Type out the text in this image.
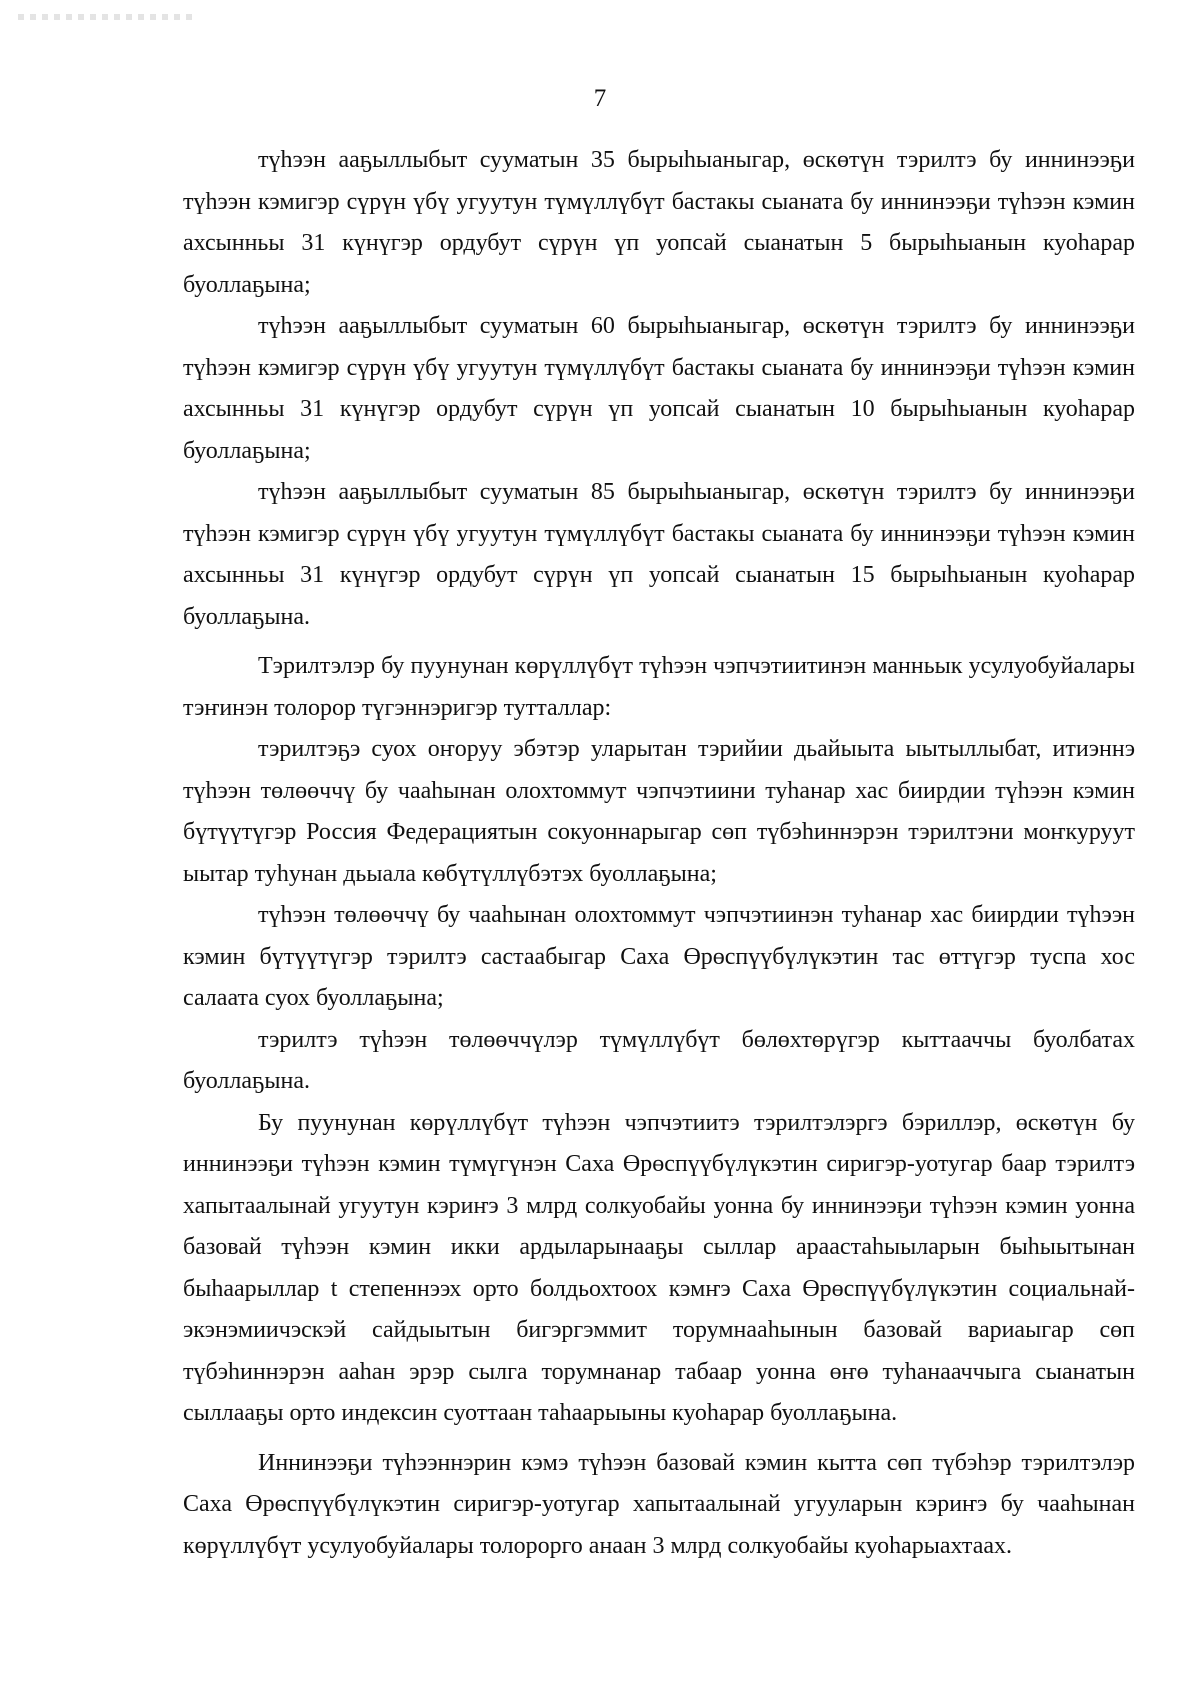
7

түһээн ааҕыллыбыт сууматын 35 бырыһыаныгар, өскөтүн тэрилтэ бу иннинээҕи түһээн кэмигэр сүрүн үбү угуутун түмүллүбүт бастакы сыаната бу иннинээҕи түһээн кэмин ахсынньы 31 күнүгэр ордубут сүрүн үп уопсай сыанатын 5 бырыһыанын куоһарар буоллаҕына;

түһээн ааҕыллыбыт сууматын 60 бырыһыаныгар, өскөтүн тэрилтэ бу иннинээҕи түһээн кэмигэр сүрүн үбү угуутун түмүллүбүт бастакы сыаната бу иннинээҕи түһээн кэмин ахсынньы 31 күнүгэр ордубут сүрүн үп уопсай сыанатын 10 бырыһыанын куоһарар буоллаҕына;

түһээн ааҕыллыбыт сууматын 85 бырыһыаныгар, өскөтүн тэрилтэ бу иннинээҕи түһээн кэмигэр сүрүн үбү угуутун түмүллүбүт бастакы сыаната бу иннинээҕи түһээн кэмин ахсынньы 31 күнүгэр ордубут сүрүн үп уопсай сыанатын 15 бырыһыанын куоһарар буоллаҕына.

Тэрилтэлэр бу пуунунан көрүллүбүт түһээн чэпчэтиитинэн манньык усулуобуйалары тэҥинэн толорор түгэннэригэр тутталлар:

тэрилтэҕэ суох оҥоруу эбэтэр уларытан тэрийии дьайыыта ыытыллыбат, итиэннэ түһээн төлөөччү бу чааһынан олохтоммут чэпчэтиини туһанар хас биирдии түһээн кэмин бүтүүтүгэр Россия Федерациятын сокуоннарыгар сөп түбэһиннэрэн тэрилтэни моҥкуруут ыытар туһунан дьыала көбүтүллүбэтэх буоллаҕына;

түһээн төлөөччү бу чааһынан олохтоммут чэпчэтиинэн туһанар хас биирдии түһээн кэмин бүтүүтүгэр тэрилтэ састаабыгар Саха Өрөспүүбүлүкэтин тас өттүгэр туспа хос салаата суох буоллаҕына;

тэрилтэ түһээн төлөөччүлэр түмүллүбүт бөлөхтөрүгэр кыттааччы буолбатах буоллаҕына.

Бу пуунунан көрүллүбүт түһээн чэпчэтиитэ тэрилтэлэргэ бэриллэр, өскөтүн бу иннинээҕи түһээн кэмин түмүгүнэн Саха Өрөспүүбүлүкэтин сиригэр-уотугар баар тэрилтэ хапытаалынай угуутун кэриҥэ 3 млрд солкуобайы уонна бу иннинээҕи түһээн кэмин уонна базовай түһээн кэмин икки ардыларынааҕы сыллар араастаһыыларын быһыытынан быһаарыллар t степеннээх орто болдьохтоох кэмҥэ Саха Өрөспүүбүлүкэтин социальнай-экэнэмиичэскэй сайдыытын бигэргэммит торумнааһынын базовай вариаыгар сөп түбэһиннэрэн ааһан эрэр сылга торумнанар табаар уонна өҥө туһанааччыга сыанатын сыллааҕы орто индексин суоттаан таһаарыыны куоһарар буоллаҕына.

Иннинээҕи түһээннэрин кэмэ түһээн базовай кэмин кытта сөп түбэһэр тэрилтэлэр Саха Өрөспүүбүлүкэтин сиригэр-уотугар хапытаалынай угууларын кэриҥэ бу чааһынан көрүллүбүт усулуобуйалары толорорго анаан 3 млрд солкуобайы куоһарыахтаах.
